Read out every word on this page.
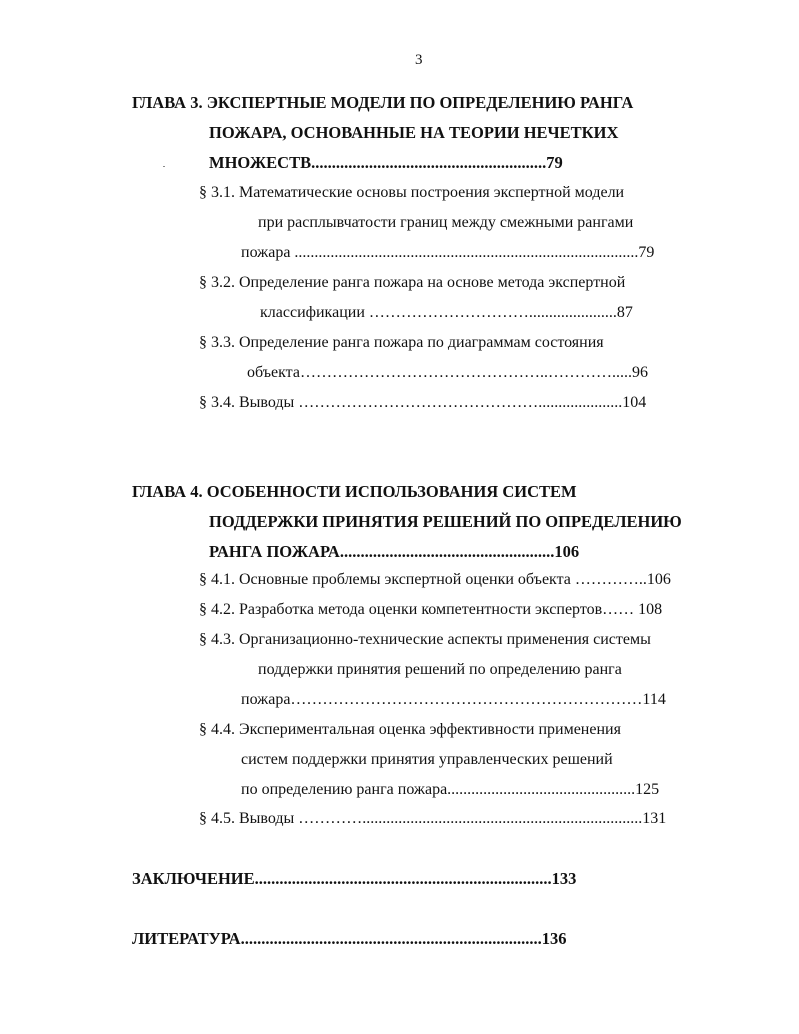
3
ГЛАВА 3. ЭКСПЕРТНЫЕ МОДЕЛИ ПО ОПРЕДЕЛЕНИЮ РАНГА
ПОЖАРА, ОСНОВАННЫЕ НА ТЕОРИИ НЕЧЕТКИХ
МНОЖЕСТВ.........................................................79
§ 3.1. Математические основы построения экспертной модели
при расплывчатости границ между смежными рангами
пожара ......................................................................................79
§ 3.2. Определение ранга пожара на основе метода экспертной
классификации …………………………......................87
§ 3.3. Определение ранга пожара по диаграммам состояния
объекта………………………………………..………….....96
§ 3.4. Выводы ……………………………………….....................104
ГЛАВА 4. ОСОБЕННОСТИ ИСПОЛЬЗОВАНИЯ СИСТЕМ
ПОДДЕРЖКИ ПРИНЯТИЯ РЕШЕНИЙ ПО ОПРЕДЕЛЕНИЮ
РАНГА ПОЖАРА....................................................106
§ 4.1. Основные проблемы экспертной оценки объекта …………..106
§ 4.2. Разработка метода оценки компетентности экспертов…… 108
§ 4.3. Организационно-технические аспекты применения системы
поддержки принятия решений по определению ранга
пожара…………………………………………………………114
§ 4.4. Экспериментальная оценка эффективности применения
систем поддержки принятия управленческих решений
по определению ранга пожара...............................................125
§ 4.5. Выводы …………......................................................................131
ЗАКЛЮЧЕНИЕ........................................................................133
ЛИТЕРАТУРА.........................................................................136
